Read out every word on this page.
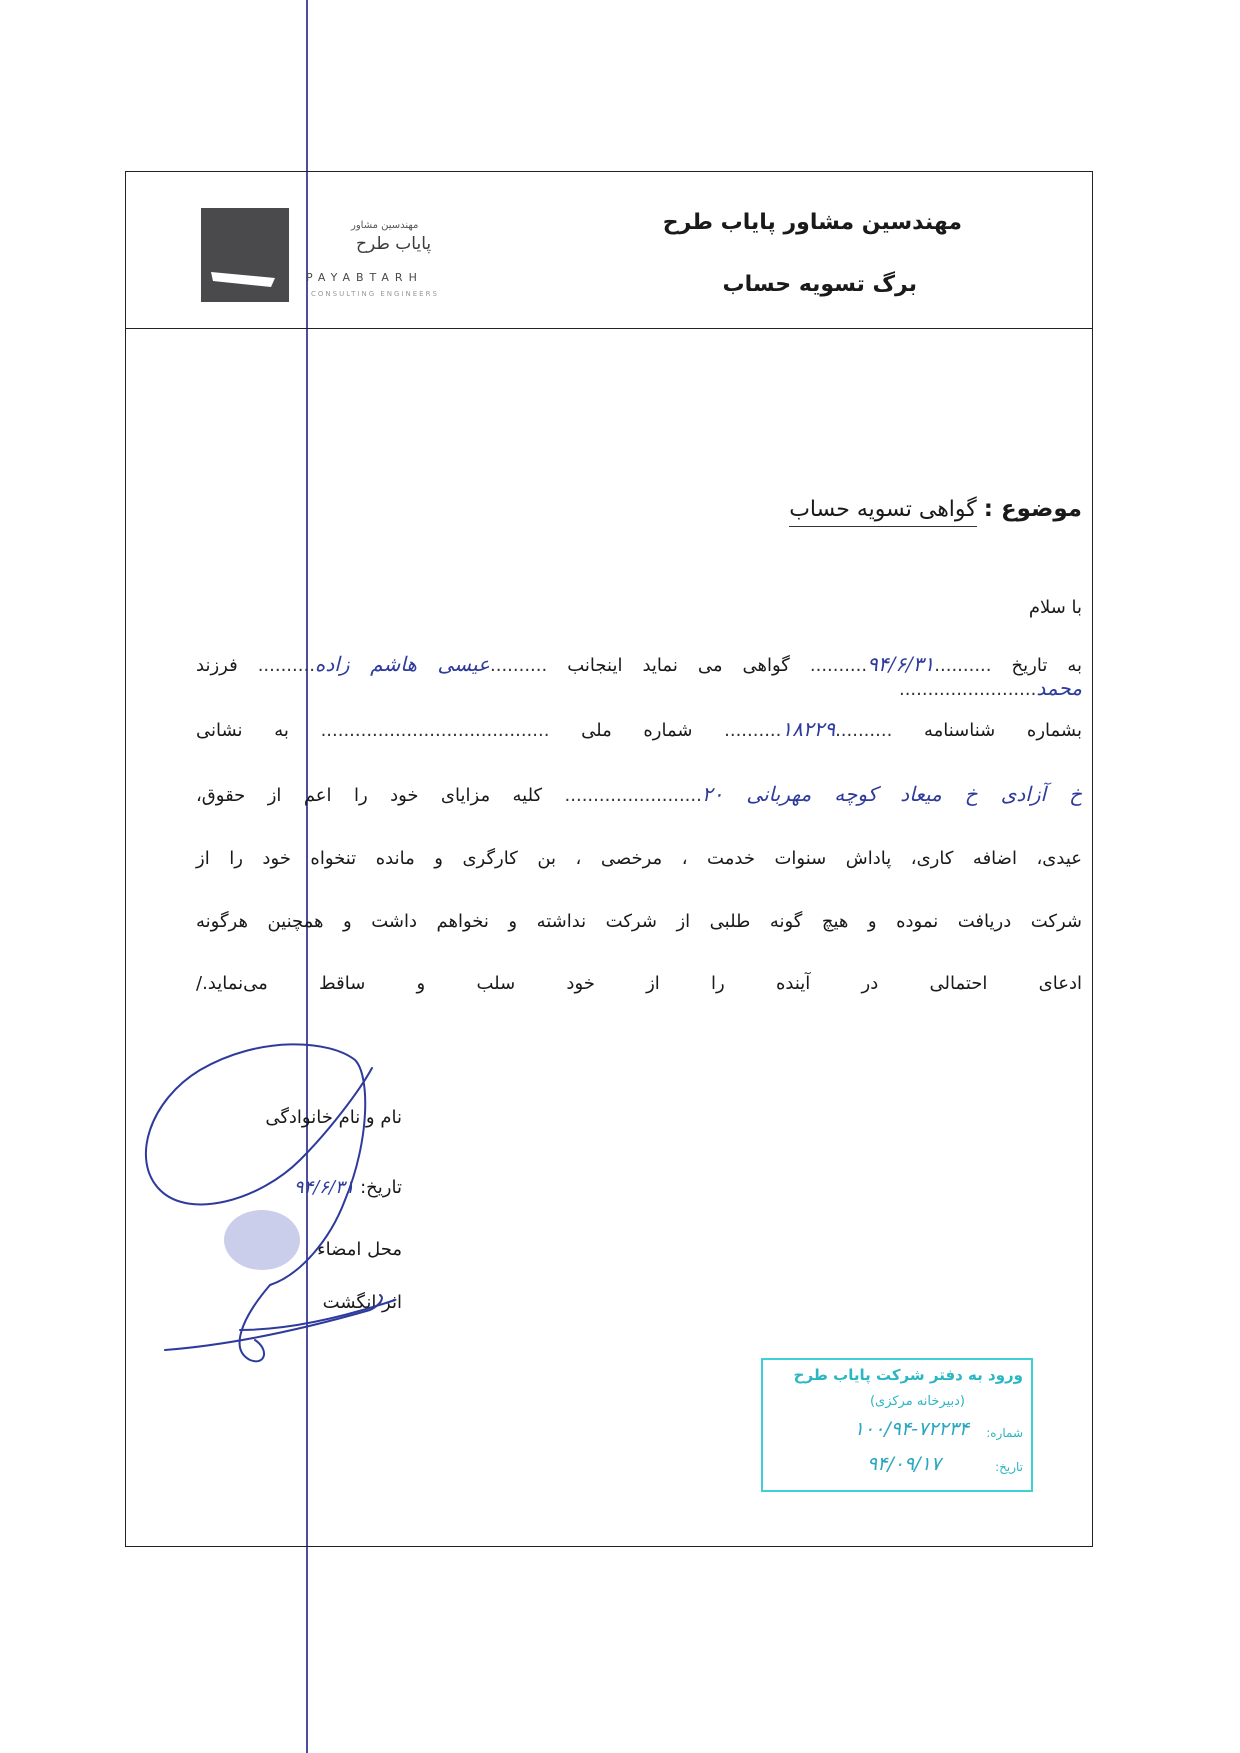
مهندسین مشاور
پایاب طرح
PAYABTARH
CONSULTING ENGINEERS
مهندسین مشاور پایاب طرح
برگ تسویه حساب
موضوع : گواهی تسویه حساب
با سلام
به تاریخ ..........۹۴/۶/۳۱.......... گواهی می نماید اینجانب ..........عیسی هاشم زاده.......... فرزند محمد........................
بشماره شناسنامه ..........۱۸۲۲۹.......... شماره ملی ........................................ به نشانی
خ آزادی خ میعاد کوچه مهربانی ۲۰........................ کلیه مزایای خود را اعم از حقوق،
عیدی، اضافه کاری، پاداش سنوات خدمت ، مرخصی ، بن کارگری و مانده تنخواه خود را از
شرکت دریافت نموده و هیچ گونه طلبی از شرکت نداشته و نخواهم داشت و همچنین هرگونه
ادعای احتمالی در آینده را از خود سلب و ساقط می‌نماید./
نام و نام خانوادگی
تاریخ: ۹۴/۶/۳۱
محل امضاء
اثر انگشت
ورود به دفتر شرکت پایاب طرح
(دبیرخانه مرکزی)
شماره:
۱۰۰/۹۴-۷۲۲۳۴
تاریخ:
۹۴/۰۹/۱۷
